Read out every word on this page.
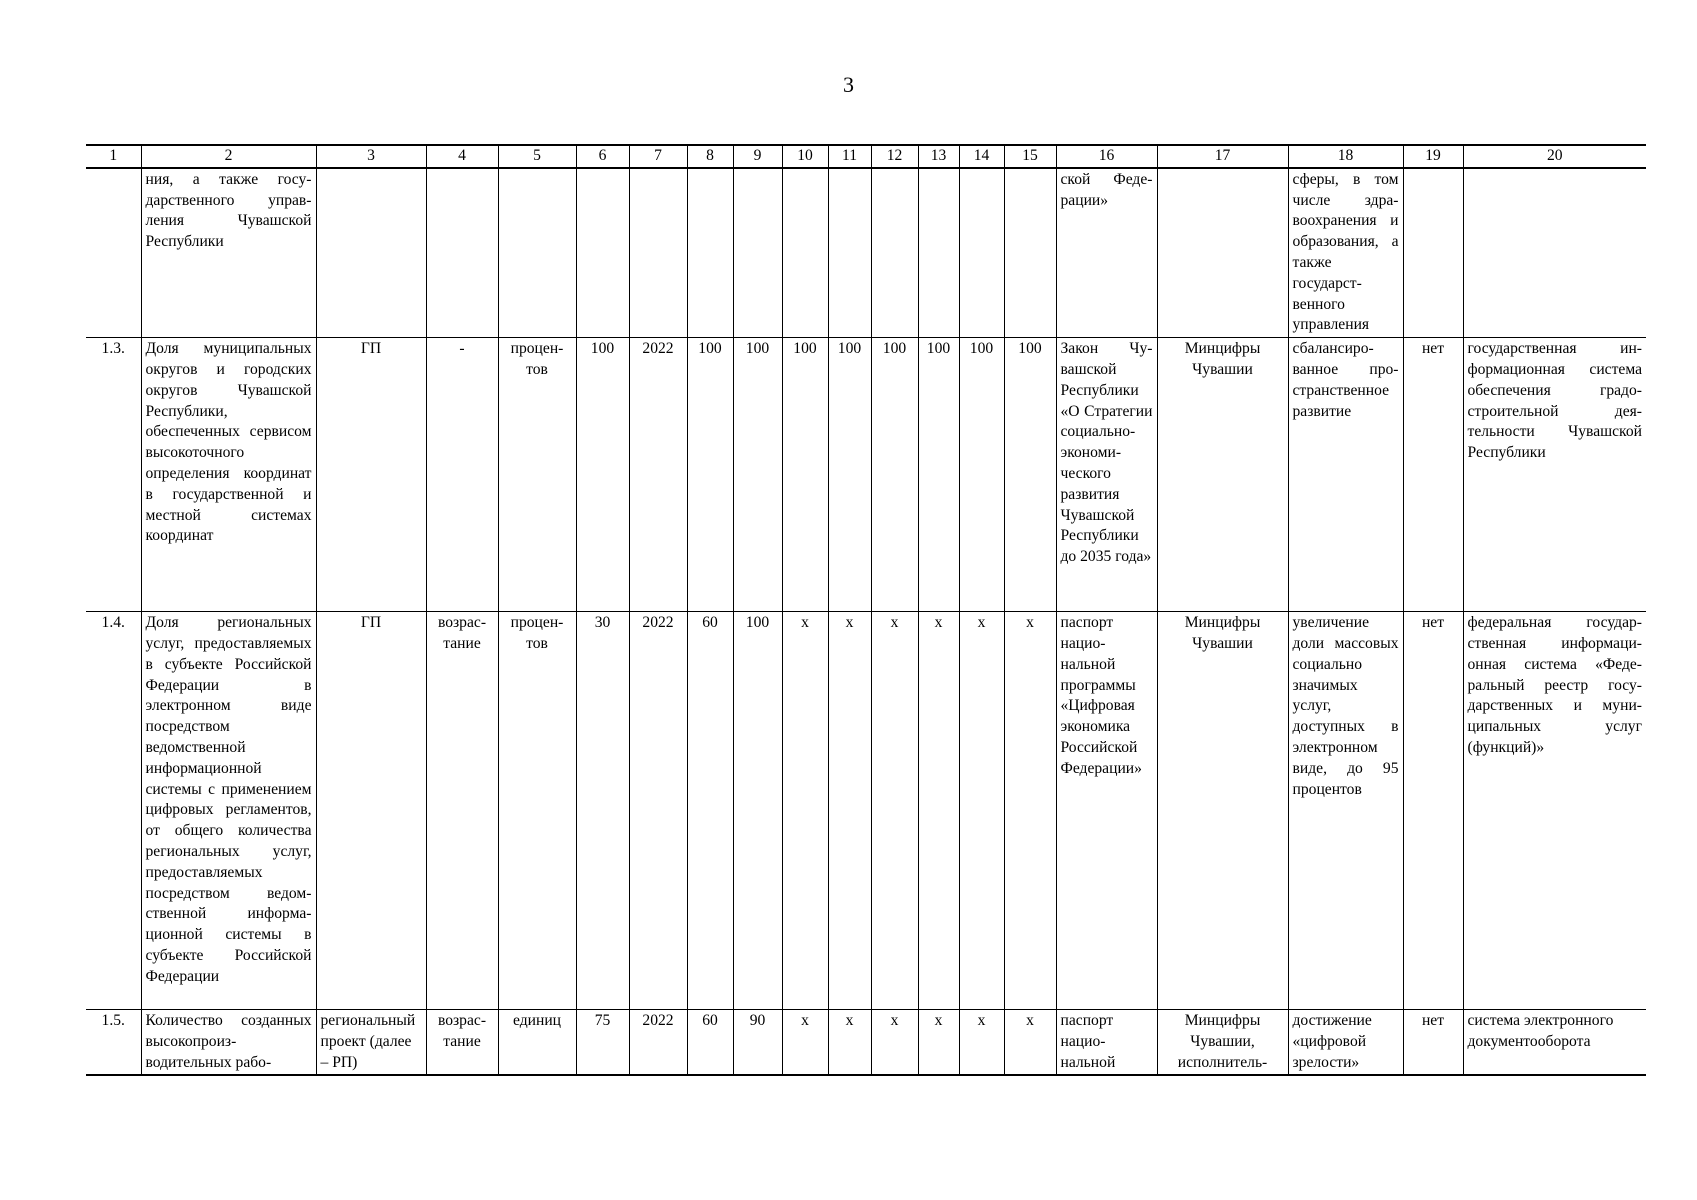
3
1	2	3	4	5	6	7	8	9	10	11	12	13	14	15	16	17	18	19	20
	ния, а также государственного управления Чувашской Республики														ской Федерации»		сферы, в том числе здравоохранения и образования, а также государственного управления		
1.3.	Доля муниципальных округов и городских округов Чувашской Республики, обеспеченных сервисом высокоточного определения координат в государственной и местной системах координат	ГП	-	процентов	100	2022	100	100	100	100	100	100	100	100	Закон Чувашской Республики «О Стратегии социально-экономического развития Чувашской Республики до 2035 года»	Минцифры Чувашии	сбалансированное пространственное развитие	нет	государственная информационная система обеспечения градостроительной деятельности Чувашской Республики
1.4.	Доля региональных услуг, предоставляемых в субъекте Российской Федерации в электронном виде посредством ведомственной информационной системы с применением цифровых регламентов, от общего количества региональных услуг, предоставляемых посредством ведомственной информационной системы в субъекте Российской Федерации	ГП	возрастание	процентов	30	2022	60	100	х	х	х	х	х	х	паспорт национальной программы «Цифровая экономика Российской Федерации»	Минцифры Чувашии	увеличение доли массовых социально значимых услуг, доступных в электронном виде, до 95 процентов	нет	федеральная государственная информационная система «Федеральный реестр государственных и муниципальных услуг (функций)»
1.5.	Количество созданных высокопроизводительных рабо-	региональный проект (далее – РП)	возрастание	единиц	75	2022	60	90	х	х	х	х	х	х	паспорт национальной	Минцифры Чувашии, исполнитель-	достижение «цифровой зрелости»	нет	система электронного документооборота
